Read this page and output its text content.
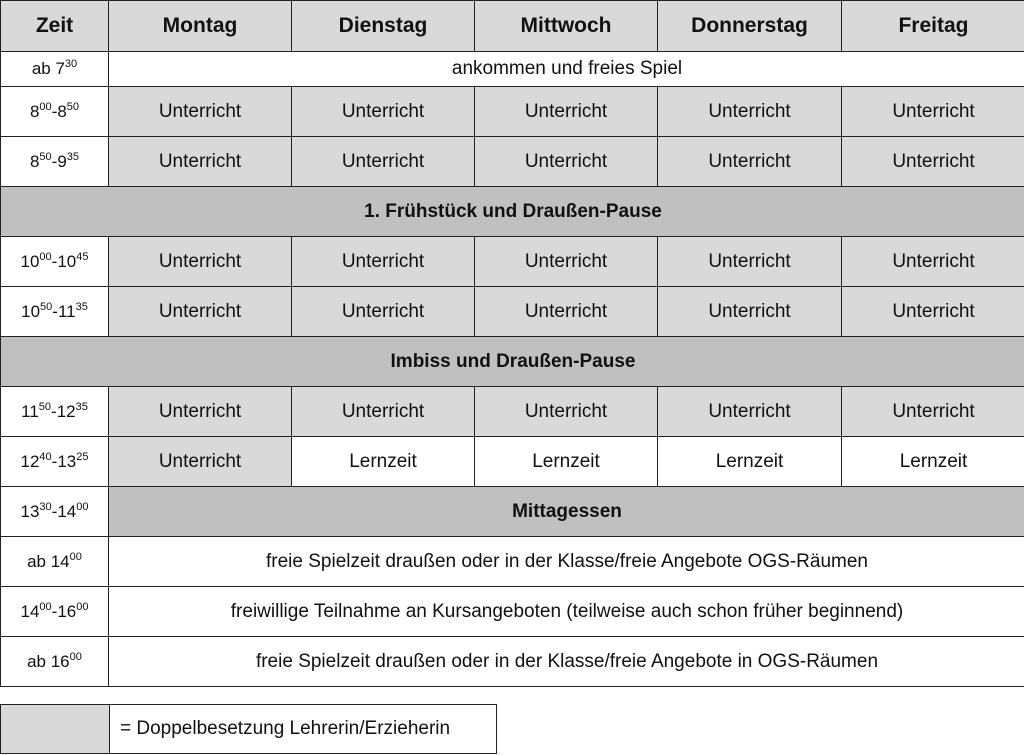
Zeit	Montag	Dienstag	Mittwoch	Donnerstag	Freitag
ab $7^{30}$	ankommen und freies Spiel				
$8^{00}-8^{50}$	Unterricht	Unterricht	Unterricht	Unterricht	Unterricht
$8^{50}-9^{35}$	Unterricht	Unterricht	Unterricht	Unterricht	Unterricht
1. Frühstück und Draußen-Pause					
$10^{00}-10^{45}$	Unterricht	Unterricht	Unterricht	Unterricht	Unterricht
$10^{50}-11^{35}$	Unterricht	Unterricht	Unterricht	Unterricht	Unterricht
Imbiss und Draußen-Pause					
$11^{50}-12^{35}$	Unterricht	Unterricht	Unterricht	Unterricht	Unterricht
$12^{40}-13^{25}$	Unterricht	Lernzeit	Lernzeit	Lernzeit	Lernzeit
$13^{30}-14^{00}$	Mittagessen				
ab $14^{00}$	freie Spielzeit draußen oder in der Klasse/freie Angebote OGS-Räumen				
$14^{00}-16^{00}$	freiwillige Teilnahme an Kursangeboten (teilweise auch schon früher beginnend)				
ab $16^{00}$	freie Spielzeit draußen oder in der Klasse/freie Angebote in OGS-Räumen				
= Doppelbesetzung Lehrerin/Erzieherin
